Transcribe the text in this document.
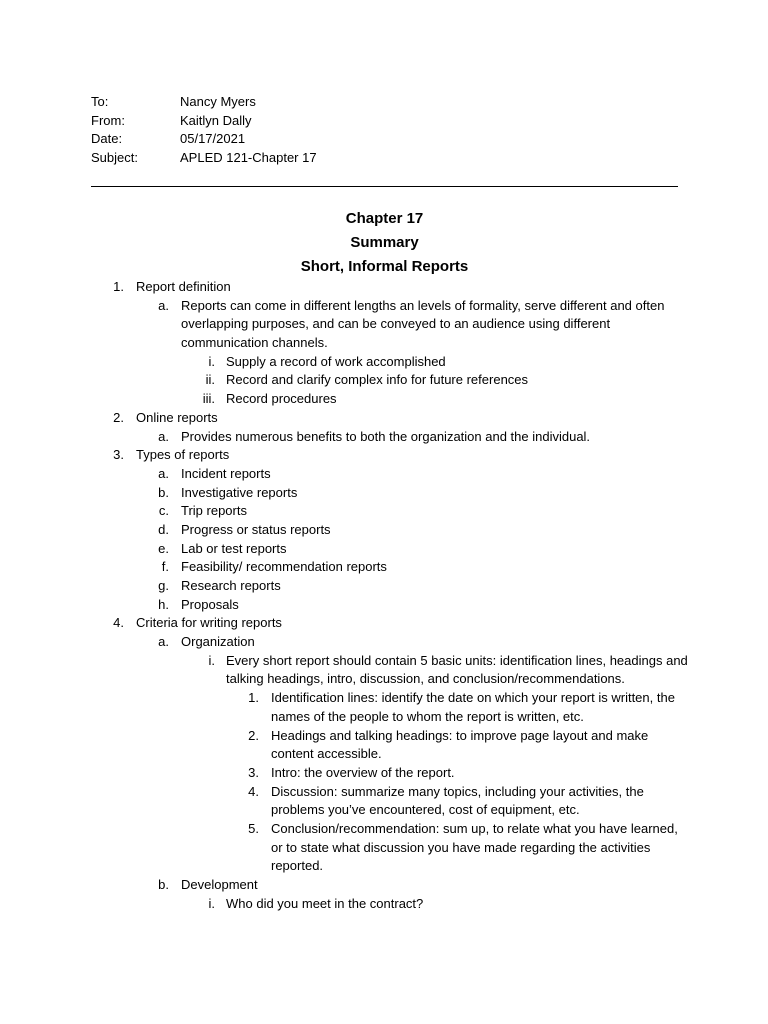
To:	Nancy Myers
From:	Kaitlyn Dally
Date:	05/17/2021
Subject:	APLED 121-Chapter 17
Chapter 17
Summary
Short, Informal Reports
1. Report definition
a. Reports can come in different lengths an levels of formality, serve different and often
overlapping purposes, and can be conveyed to an audience using different
communication channels.
i. Supply a record of work accomplished
ii. Record and clarify complex info for future references
iii. Record procedures
2. Online reports
a. Provides numerous benefits to both the organization and the individual.
3. Types of reports
a. Incident reports
b. Investigative reports
c. Trip reports
d. Progress or status reports
e. Lab or test reports
f. Feasibility/ recommendation reports
g. Research reports
h. Proposals
4. Criteria for writing reports
a. Organization
i. Every short report should contain 5 basic units: identification lines, headings and
talking headings, intro, discussion, and conclusion/recommendations.
1. Identification lines: identify the date on which your report is written, the
names of the people to whom the report is written, etc.
2. Headings and talking headings: to improve page layout and make
content accessible.
3. Intro: the overview of the report.
4. Discussion: summarize many topics, including your activities, the
problems you’ve encountered, cost of equipment, etc.
5. Conclusion/recommendation: sum up, to relate what you have learned,
or to state what discussion you have made regarding the activities
reported.
b. Development
i. Who did you meet in the contract?
